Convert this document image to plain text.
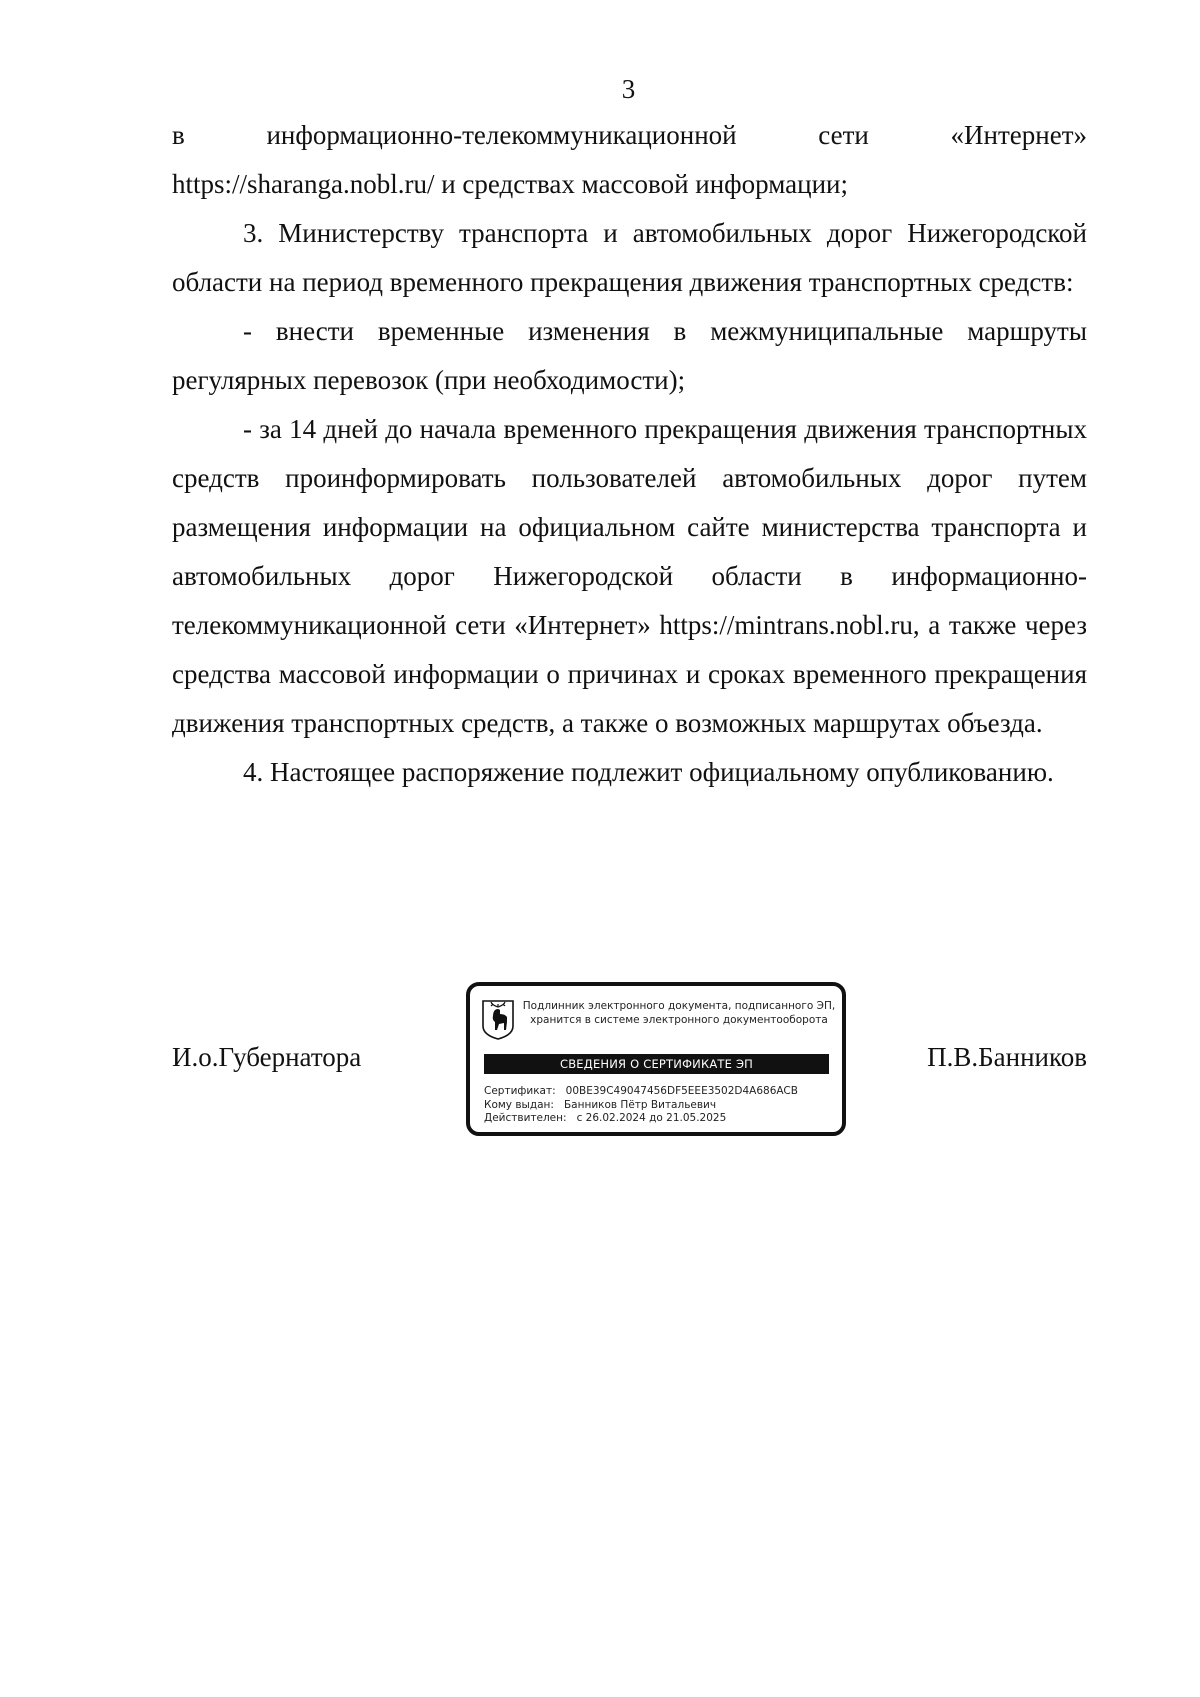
3

в информационно-телекоммуникационной сети «Интернет» https://sharanga.nobl.ru/ и средствах массовой информации;

3. Министерству транспорта и автомобильных дорог Нижегородской области на период временного прекращения движения транспортных средств:

- внести временные изменения в межмуниципальные маршруты регулярных перевозок (при необходимости);

- за 14 дней до начала временного прекращения движения транспортных средств проинформировать пользователей автомобильных дорог путем размещения информации на официальном сайте министерства транспорта и автомобильных дорог Нижегородской области в информационно-телекоммуникационной сети «Интернет» https://mintrans.nobl.ru, а также через средства массовой информации о причинах и сроках временного прекращения движения транспортных средств, а также о возможных маршрутах объезда.

4. Настоящее распоряжение подлежит официальному опубликованию.

И.о.Губернатора	П.В.Банников
Подлинник электронного документа, подписанного ЭП,
хранится в системе электронного документооборота
СВЕДЕНИЯ О СЕРТИФИКАТЕ ЭП
Сертификат:   00BE39C49047456DF5EEE3502D4A686ACB
Кому выдан:   Банников Пётр Витальевич
Действителен:   с 26.02.2024 до 21.05.2025
